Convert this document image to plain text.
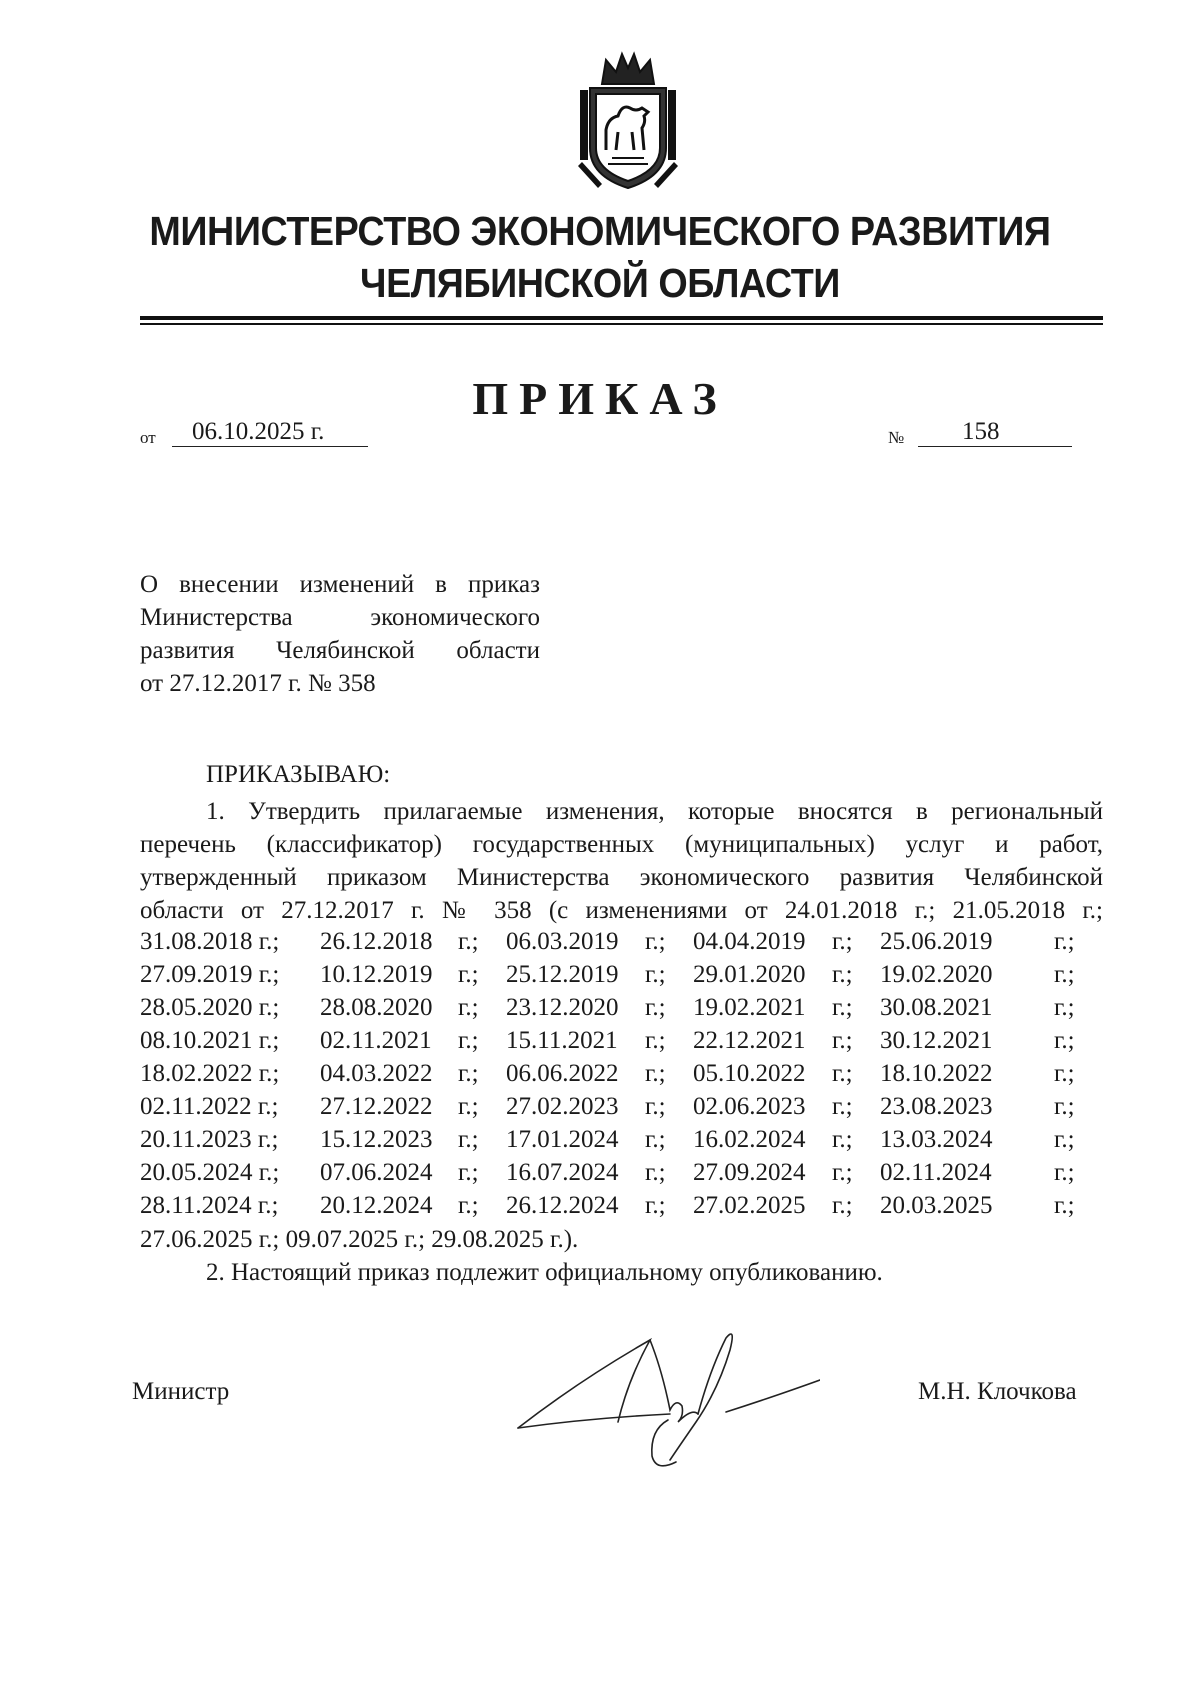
МИНИСТЕРСТВО ЭКОНОМИЧЕСКОГО РАЗВИТИЯ
ЧЕЛЯБИНСКОЙ ОБЛАСТИ
ПРИКАЗ
от	06.10.2025 г.	№	158
О внесении изменений в приказ
Министерства экономического
развития Челябинской области
от 27.12.2017 г. № 358
ПРИКАЗЫВАЮ:
1. Утвердить прилагаемые изменения, которые вносятся в региональный
перечень (классификатор) государственных (муниципальных) услуг и работ,
утвержденный приказом Министерства экономического развития Челябинской
области от 27.12.2017 г. № 358 (с изменениями от 24.01.2018 г.; 21.05.2018 г.;
31.08.2018 г.; 26.12.2018 г.; 06.03.2019 г.; 04.04.2019 г.; 25.06.2019 г.;
27.09.2019 г.; 10.12.2019 г.; 25.12.2019 г.; 29.01.2020 г.; 19.02.2020 г.;
28.05.2020 г.; 28.08.2020 г.; 23.12.2020 г.; 19.02.2021 г.; 30.08.2021 г.;
08.10.2021 г.; 02.11.2021 г.; 15.11.2021 г.; 22.12.2021 г.; 30.12.2021 г.;
18.02.2022 г.; 04.03.2022 г.; 06.06.2022 г.; 05.10.2022 г.; 18.10.2022 г.;
02.11.2022 г.; 27.12.2022 г.; 27.02.2023 г.; 02.06.2023 г.; 23.08.2023 г.;
20.11.2023 г.; 15.12.2023 г.; 17.01.2024 г.; 16.02.2024 г.; 13.03.2024 г.;
20.05.2024 г.; 07.06.2024 г.; 16.07.2024 г.; 27.09.2024 г.; 02.11.2024 г.;
28.11.2024 г.; 20.12.2024 г.; 26.12.2024 г.; 27.02.2025 г.; 20.03.2025 г.;
27.06.2025 г.; 09.07.2025 г.; 29.08.2025 г.).
2. Настоящий приказ подлежит официальному опубликованию.
Министр	М.Н. Клочкова
